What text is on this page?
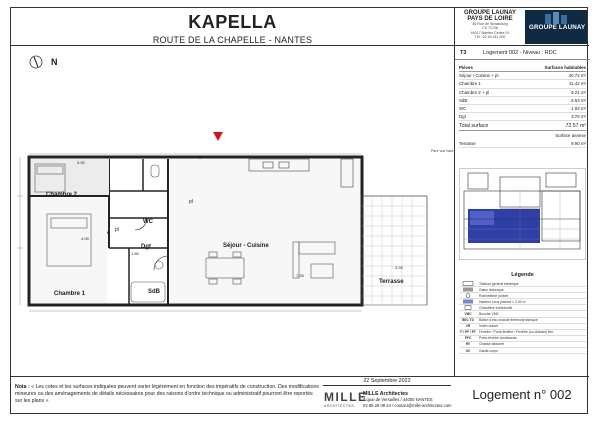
KAPELLA
ROUTE DE LA CHAPELLE - NANTES
GROUPE LAUNAY
PAYS DE LOIRE
46 Rue de Strasbourg
CS 71726
44017 Nantes Cedex 01
Tél : 02 40 411 000
GROUPE LAUNAY
N
Chambre 2
WC
Dgt
Chambre 1	SdB
Séjour - Cuisine
Terrasse
pl
pl
3.92
4.09
7.25
3.93
1.65
Pare vue haut
T3	Logement 002 - Niveau : RDC
Pièces	Surfaces habitables
Séjour / Cuisine + pl	40.72 m²
Chambre 1	11.42 m²
Chambre 2 + pl	9.21 m²
SdB	5.53 m²
WC	1.93 m²
Dgt	3.76 m²
Total surface	72.57 m²
Surface annexe
Terrasse	9.90 m²
Légende
Tableau général électrique
Gaine technique
Robinetterie puisée
Hauteur sous plafond < 2.30 m
Chaudière individuelle
VMC	Bouche VMC
BEC TD	Ballon d'eau chaude thermodynamique
VR	Volet roulant
F / PF / FF Fenêtre / Porte-fenêtre / Fenêtre (ou châssis) fixe
PFC	Porte-fenêtre coulissante
RV	Chasse-tabouret
GC	Garde-corps
Nota : « Les cotes et les surfaces indiquées peuvent varier légèrement en fonction des impératifs de construction. Des modifications mineures ou des aménagements de détails nécessaires pour des raisons d'ordre technique ou administratif pourront être reportés sur les plans »
22 Septembre 2022
MILLE
ARCHITECTES
MILLE Architectes
7 quai de Versailles / 44000 NANTES
02 85 29 09 24 / contact@mille-architectes.com
Logement n° 002
